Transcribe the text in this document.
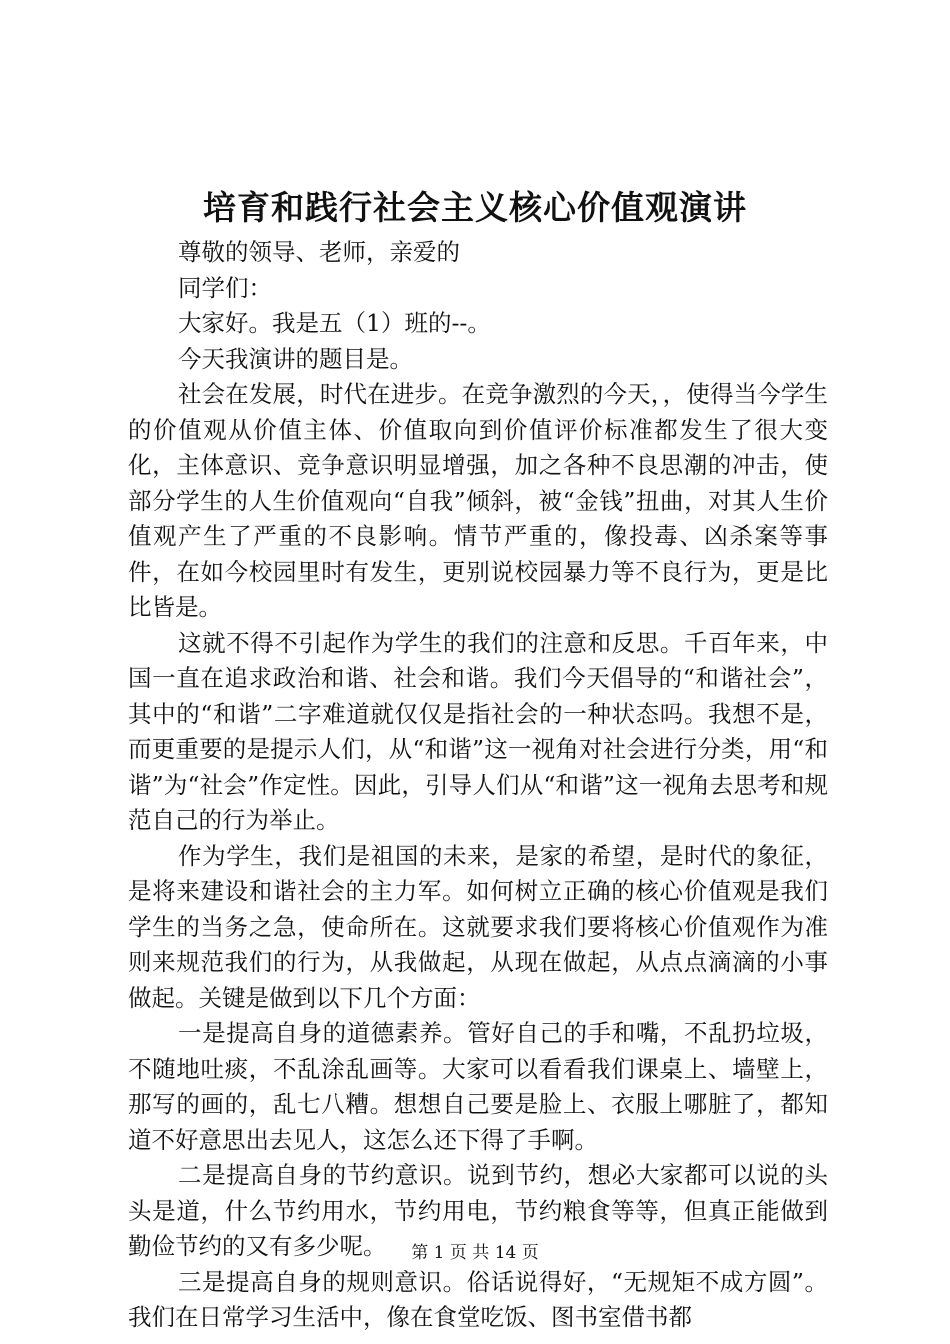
培育和践行社会主义核心价值观演讲

尊敬的领导、老师，亲爱的

同学们：

大家好。我是五（1）班的--。

今天我演讲的题目是。

社会在发展，时代在进步。在竞争激烈的今天，，使得当今学生的价值观从价值主体、价值取向到价值评价标准都发生了很大变化，主体意识、竞争意识明显增强，加之各种不良思潮的冲击，使部分学生的人生价值观向“自我”倾斜，被“金钱”扭曲，对其人生价值观产生了严重的不良影响。情节严重的，像投毒、凶杀案等事件，在如今校园里时有发生，更别说校园暴力等不良行为，更是比比皆是。

这就不得不引起作为学生的我们的注意和反思。千百年来，中国一直在追求政治和谐、社会和谐。我们今天倡导的“和谐社会”，其中的“和谐”二字难道就仅仅是指社会的一种状态吗。我想不是，而更重要的是提示人们，从“和谐”这一视角对社会进行分类，用“和谐”为“社会”作定性。因此，引导人们从“和谐”这一视角去思考和规范自己的行为举止。

作为学生，我们是祖国的未来，是家的希望，是时代的象征，是将来建设和谐社会的主力军。如何树立正确的核心价值观是我们学生的当务之急，使命所在。这就要求我们要将核心价值观作为准则来规范我们的行为，从我做起，从现在做起，从点点滴滴的小事做起。关键是做到以下几个方面：

一是提高自身的道德素养。管好自己的手和嘴，不乱扔垃圾，不随地吐痰，不乱涂乱画等。大家可以看看我们课桌上、墙壁上，那写的画的，乱七八糟。想想自己要是脸上、衣服上哪脏了，都知道不好意思出去见人，这怎么还下得了手啊。

二是提高自身的节约意识。说到节约，想必大家都可以说的头头是道，什么节约用水，节约用电，节约粮食等等，但真正能做到勤俭节约的又有多少呢。

三是提高自身的规则意识。俗话说得好，“无规矩不成方圆”。我们在日常学习生活中，像在食堂吃饭、图书室借书都

第 1 页 共 14 页
